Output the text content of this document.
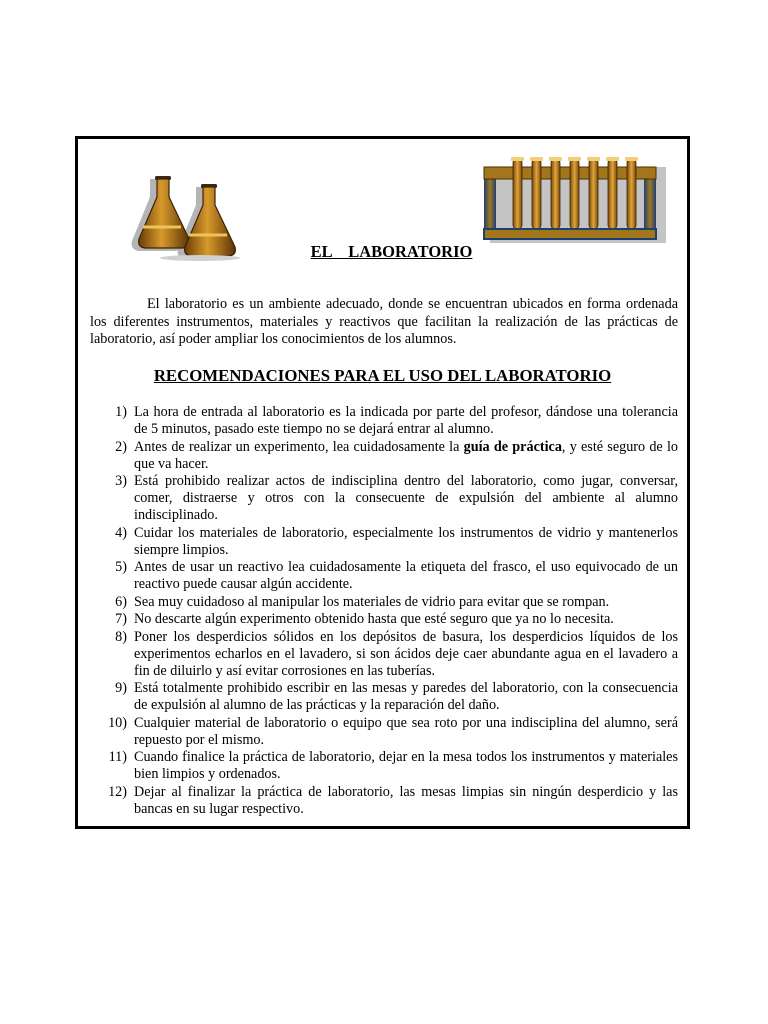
EL    LABORATORIO

El laboratorio es un ambiente adecuado, donde se encuentran ubicados en forma ordenada los diferentes instrumentos, materiales y reactivos que facilitan la realización de las prácticas de laboratorio, así poder ampliar los conocimientos de los alumnos.

RECOMENDACIONES PARA EL USO DEL LABORATORIO
1) La hora de entrada al laboratorio es la indicada por parte del profesor, dándose una tolerancia de 5 minutos, pasado este tiempo no se dejará entrar al alumno.
2) Antes de realizar un experimento, lea cuidadosamente la guía de práctica, y esté seguro de lo que va hacer.
3) Está prohibido realizar actos de indisciplina dentro del laboratorio, como jugar, conversar, comer, distraerse y otros con la consecuente de expulsión del ambiente al alumno indisciplinado.
4) Cuidar los materiales de laboratorio, especialmente los instrumentos de vidrio y mantenerlos siempre limpios.
5) Antes de usar un reactivo lea cuidadosamente la etiqueta del frasco, el uso equivocado de un reactivo puede causar algún accidente.
6) Sea muy cuidadoso al manipular los materiales de vidrio para evitar que se rompan.
7) No descarte algún experimento obtenido hasta que esté seguro que ya no lo necesita.
8) Poner los desperdicios sólidos en los depósitos de basura, los desperdicios líquidos de los experimentos echarlos en el lavadero, si son ácidos deje caer abundante agua en el lavadero a fin de diluirlo y así evitar corrosiones en las tuberías.
9) Está totalmente prohibido escribir en las mesas y paredes del laboratorio, con la consecuencia de expulsión al alumno de las prácticas y la reparación del daño.
10) Cualquier material de laboratorio o equipo que sea roto por una indisciplina del alumno, será repuesto por el mismo.
11) Cuando finalice la práctica de laboratorio, dejar en la mesa todos los instrumentos y materiales bien limpios y ordenados.
12) Dejar al finalizar la práctica de laboratorio, las mesas limpias sin ningún desperdicio y las bancas en su lugar respectivo.
